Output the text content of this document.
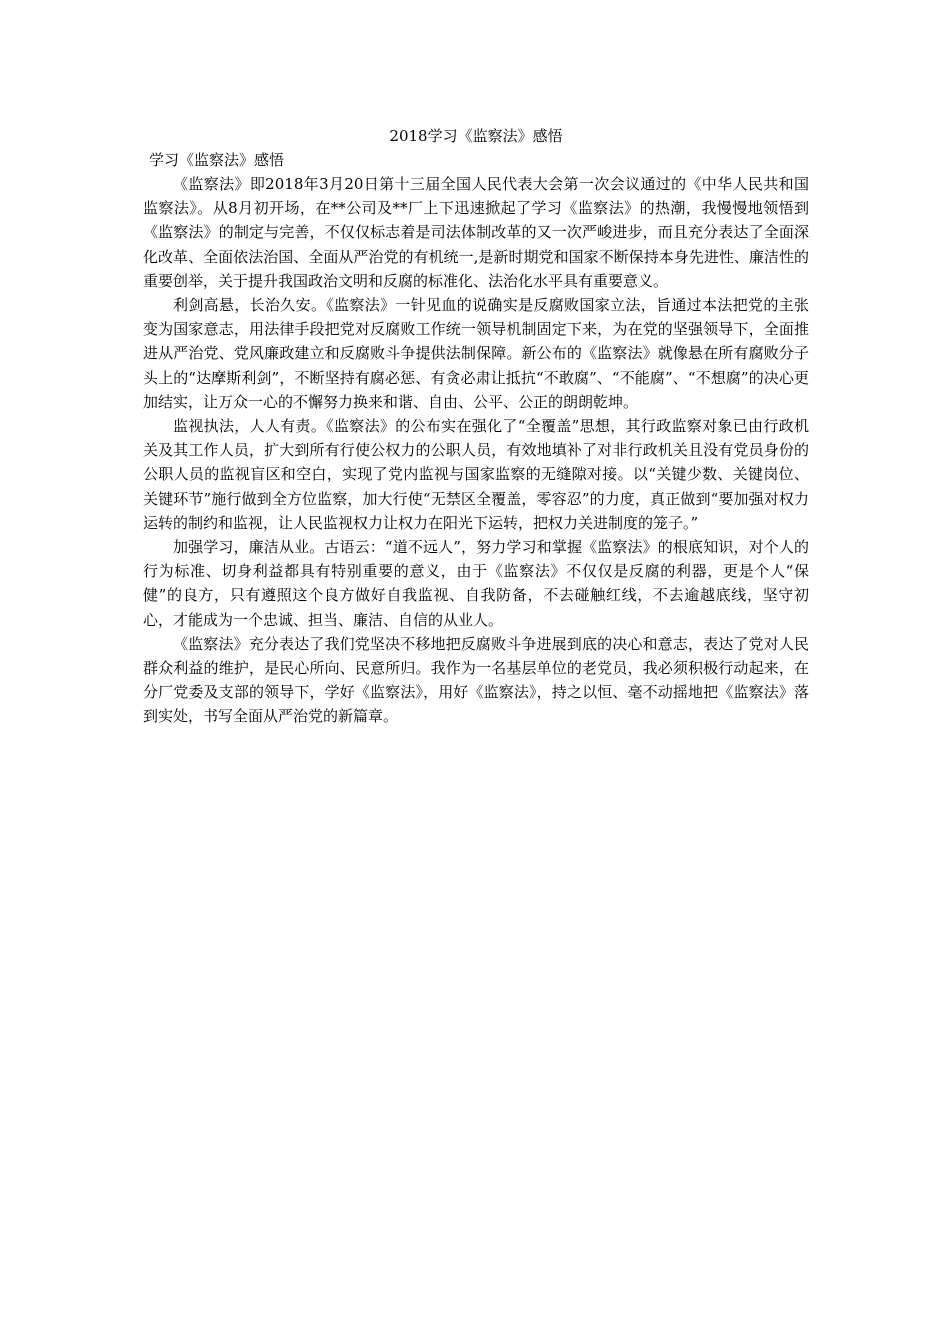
2018学习《监察法》感悟
学习《监察法》感悟

《监察法》即2018年3月20日第十三届全国人民代表大会第一次会议通过的《中华人民共和国监察法》。从8月初开场，在**公司及**厂上下迅速掀起了学习《监察法》的热潮，我慢慢地领悟到《监察法》的制定与完善，不仅仅标志着是司法体制改革的又一次严峻进步，而且充分表达了全面深化改革、全面依法治国、全面从严治党的有机统一,是新时期党和国家不断保持本身先进性、廉洁性的重要创举，关于提升我国政治文明和反腐的标准化、法治化水平具有重要意义。

利剑高悬，长治久安。《监察法》一针见血的说确实是反腐败国家立法，旨通过本法把党的主张变为国家意志，用法律手段把党对反腐败工作统一领导机制固定下来，为在党的坚强领导下，全面推进从严治党、党风廉政建立和反腐败斗争提供法制保障。新公布的《监察法》就像悬在所有腐败分子头上的“达摩斯利剑”，不断坚持有腐必惩、有贪必肃让抵抗“不敢腐”、“不能腐”、“不想腐”的决心更加结实，让万众一心的不懈努力换来和谐、自由、公平、公正的朗朗乾坤。

监视执法，人人有责。《监察法》的公布实在强化了“全覆盖”思想，其行政监察对象已由行政机关及其工作人员，扩大到所有行使公权力的公职人员，有效地填补了对非行政机关且没有党员身份的公职人员的监视盲区和空白，实现了党内监视与国家监察的无缝隙对接。以“关键少数、关键岗位、关键环节”施行做到全方位监察，加大行使“无禁区全覆盖，零容忍”的力度，真正做到“要加强对权力运转的制约和监视，让人民监视权力让权力在阳光下运转，把权力关进制度的笼子。”

加强学习，廉洁从业。古语云：“道不远人”，努力学习和掌握《监察法》的根底知识，对个人的行为标准、切身利益都具有特别重要的意义，由于《监察法》不仅仅是反腐的利器，更是个人“保健”的良方，只有遵照这个良方做好自我监视、自我防备，不去碰触红线，不去逾越底线，坚守初心，才能成为一个忠诚、担当、廉洁、自信的从业人。

《监察法》充分表达了我们党坚决不移地把反腐败斗争进展到底的决心和意志，表达了党对人民群众利益的维护，是民心所向、民意所归。我作为一名基层单位的老党员，我必须积极行动起来，在分厂党委及支部的领导下，学好《监察法》，用好《监察法》，持之以恒、毫不动摇地把《监察法》落到实处，书写全面从严治党的新篇章。
